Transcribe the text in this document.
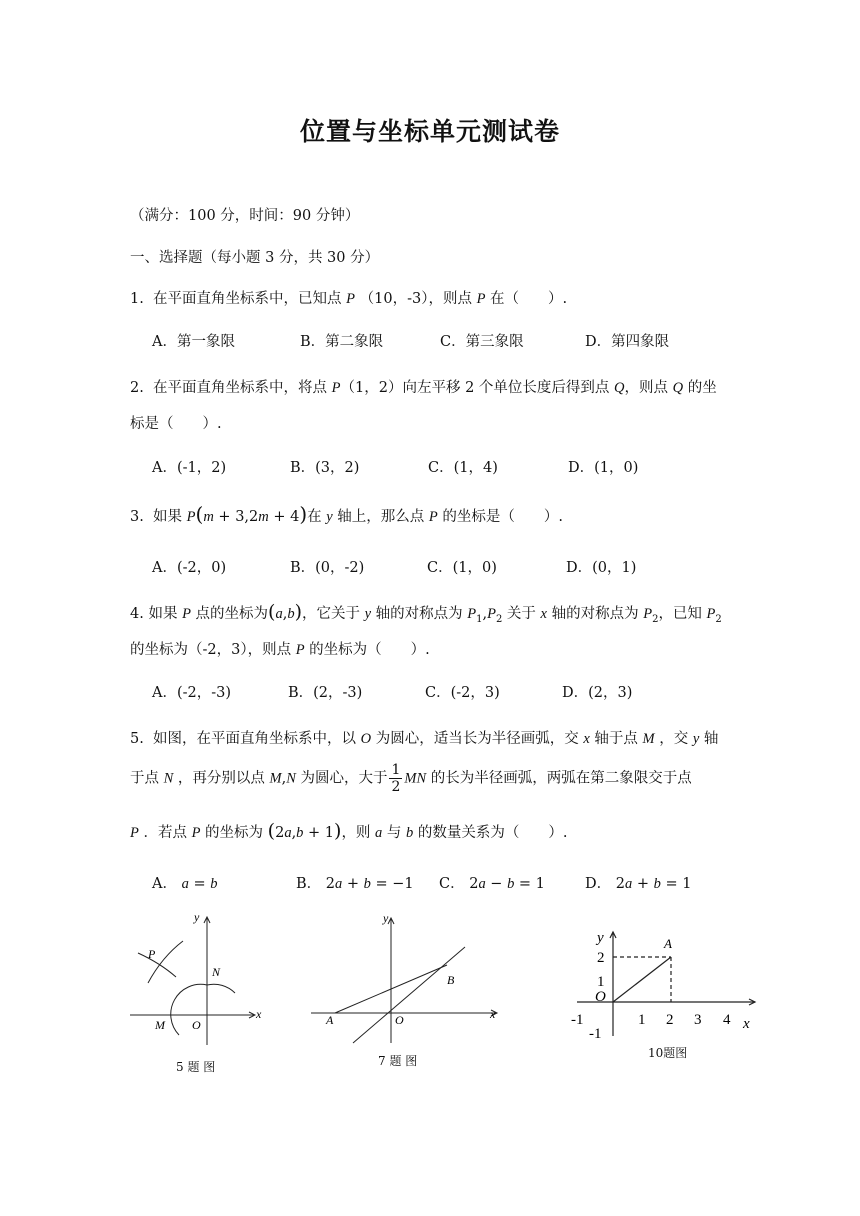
位置与坐标单元测试卷
（满分：100 分，时间：90 分钟）
一、选择题（每小题 3 分，共 30 分）
1.  在平面直角坐标系中，已知点 P （10，-3），则点 P 在（　　）.
A．第一象限	B．第二象限	C．第三象限	D．第四象限
2.  在平面直角坐标系中，将点 P（1，2）向左平移 2 个单位长度后得到点 Q，则点 Q 的坐
标是（　　）.
A．(-1，2)	B．(3，2)	C．(1，4)	D．(1，0)
3.  如果 P(m + 3,2m + 4)在 y 轴上，那么点 P 的坐标是（　　）.
A．(-2，0)	B．(0，-2)	C．(1，0)	D．(0，1)
4. 如果 P 点的坐标为(a,b)，它关于 y 轴的对称点为 $P_1,P_2$ 关于 x 轴的对称点为 $P_2$，已知 $P_2$
的坐标为（-2，3），则点 P 的坐标为（　　）.
A．(-2，-3)	B．(2，-3)	C．(-2，3)	D．(2，3)
5.  如图，在平面直角坐标系中，以 O 为圆心，适当长为半径画弧，交 x 轴于点 M ，交 y 轴
于点 N ，再分别以点 M,N 为圆心，大于 $\frac{1}{2}$ MN 的长为半径画弧，两弧在第二象限交于点
P ．若点 P 的坐标为 (2a,b + 1)，则 a 与 b 的数量关系为（　　）.
A． a = b	B． 2a + b = −1 C． 2a − b = 1	D． 2a + b = 1
y
x
P
N
M O
5 题 图
y
x
A
B
O
7 题 图
y
x
A
O
1 2 3 4
-1
-1
1
2
10题图
